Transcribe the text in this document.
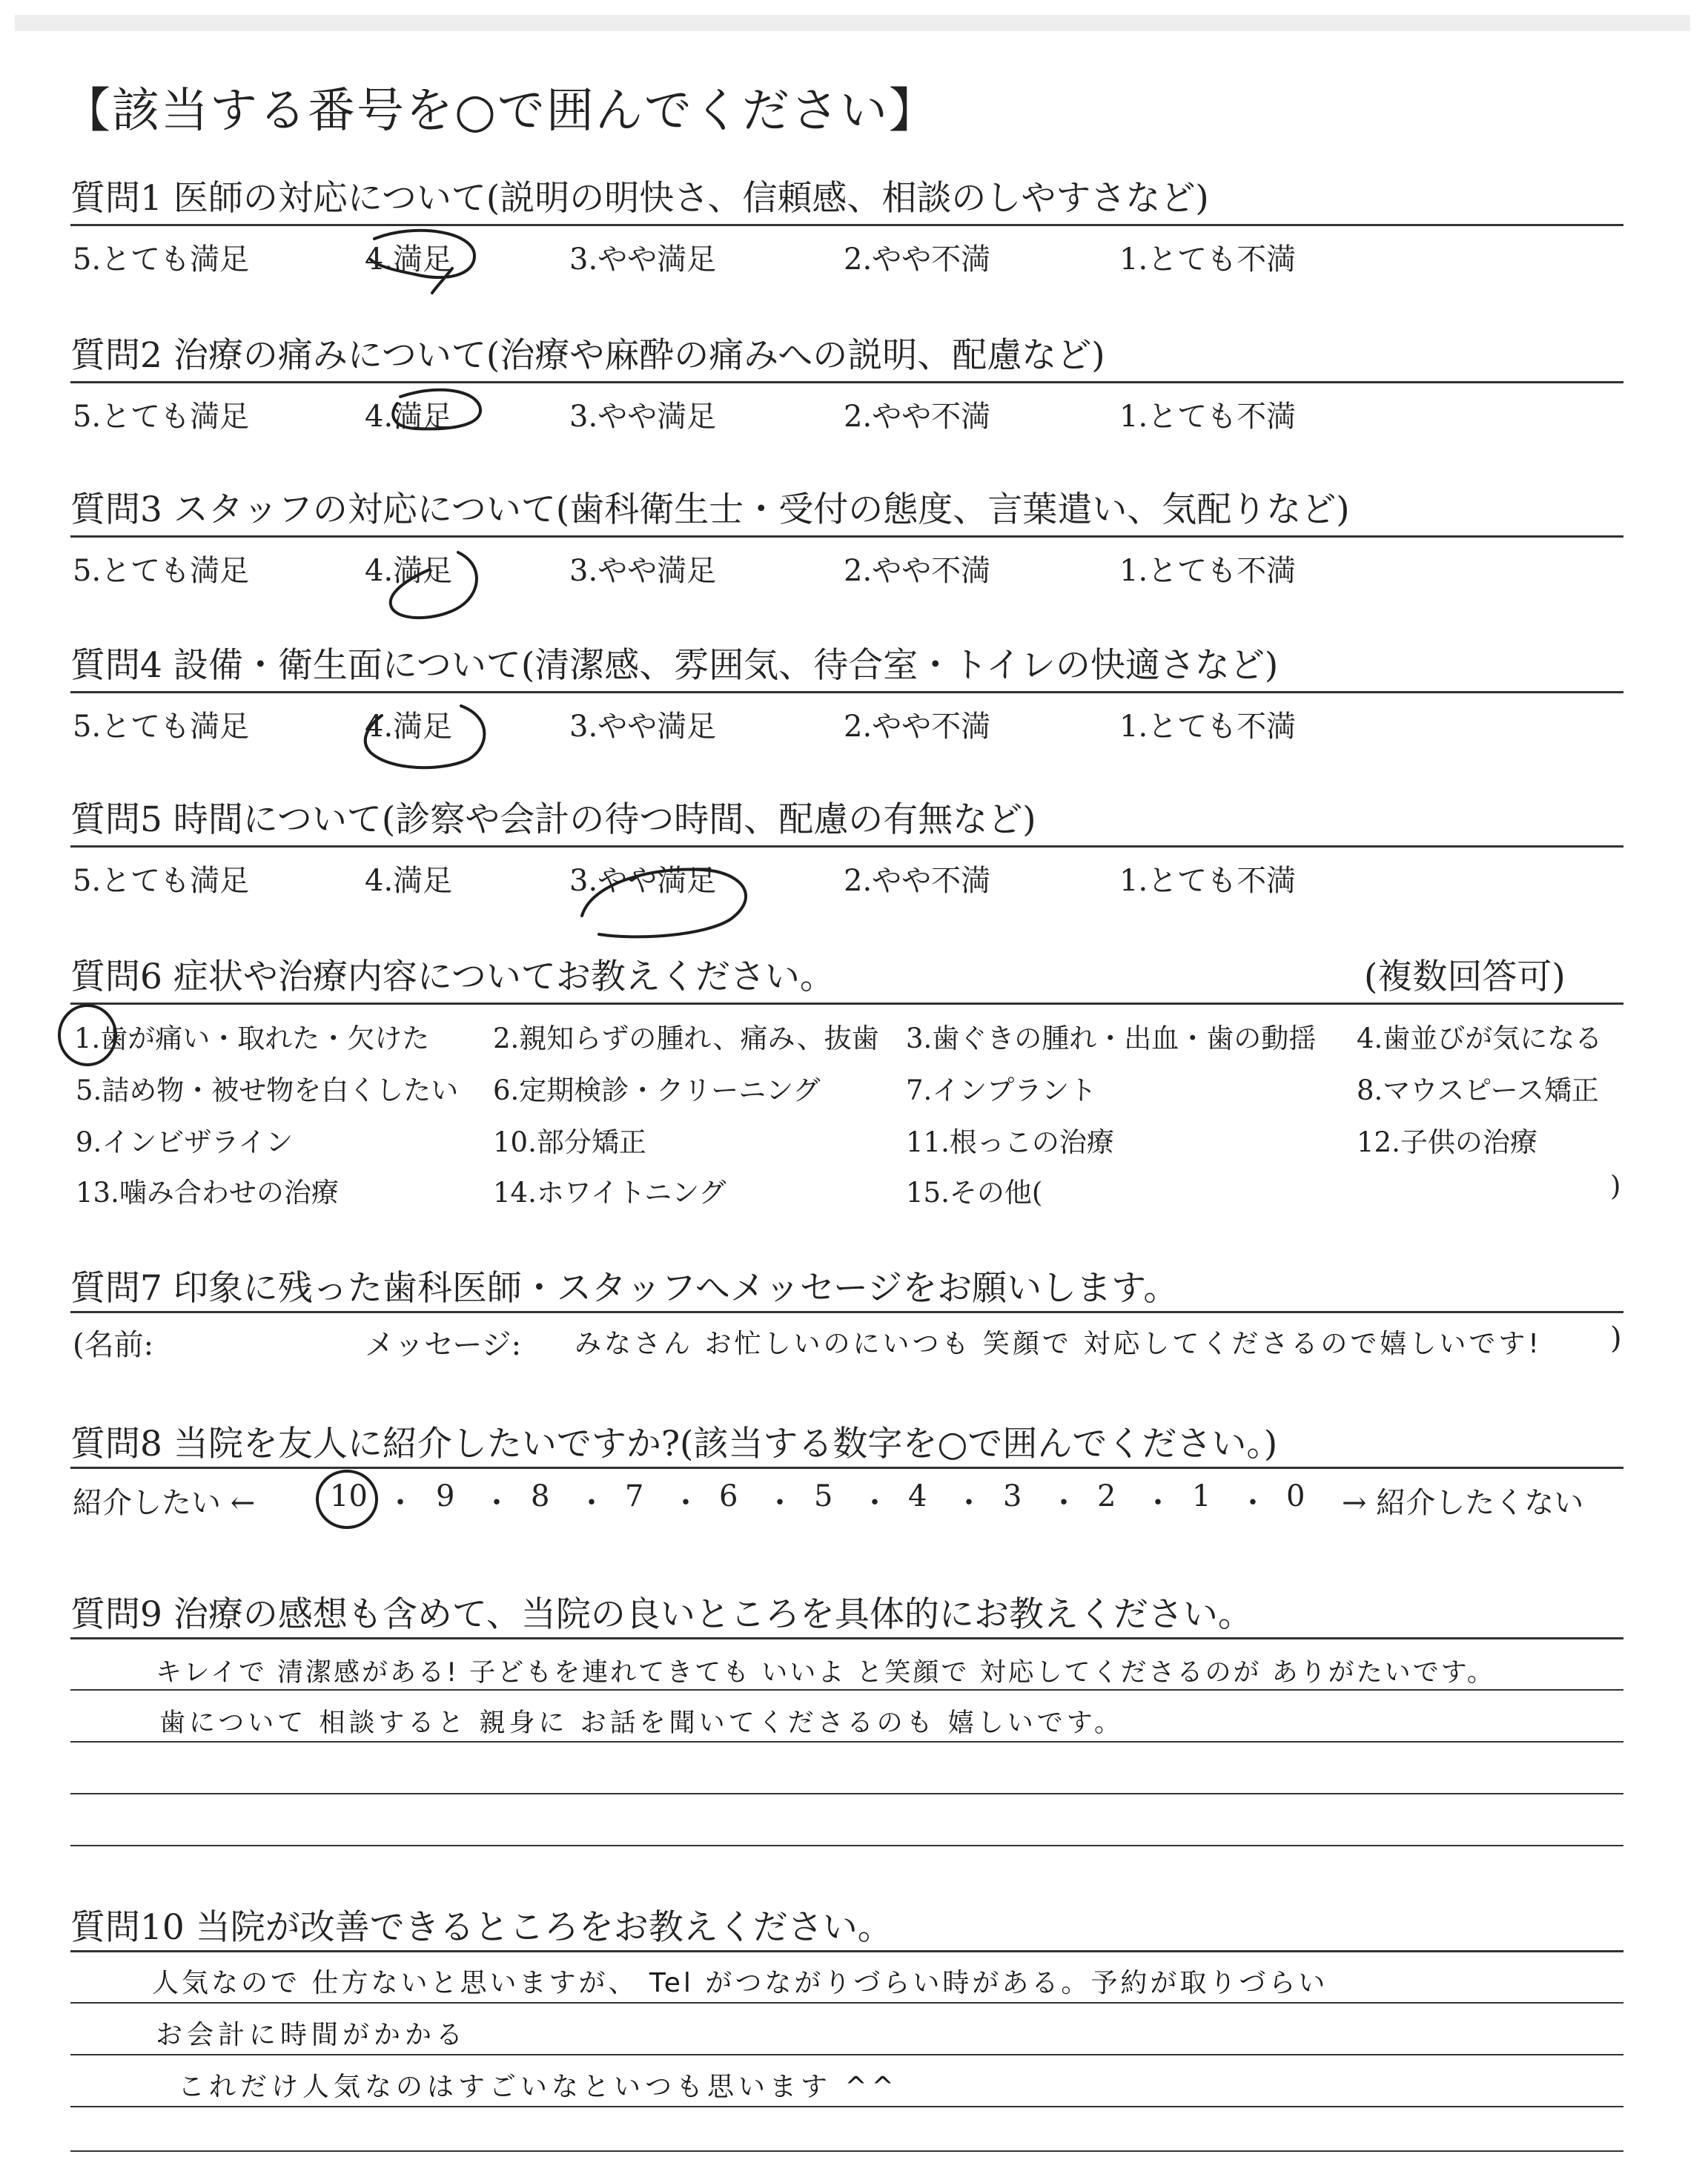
【該当する番号を○で囲んでください】
質問1 医師の対応について(説明の明快さ、信頼感、相談のしやすさなど)
5.とても満足	4.満足	3.やや満足	2.やや不満	1.とても不満
質問2 治療の痛みについて(治療や麻酔の痛みへの説明、配慮など)
5.とても満足	4.満足	3.やや満足	2.やや不満	1.とても不満
質問3 スタッフの対応について(歯科衛生士・受付の態度、言葉遣い、気配りなど)
5.とても満足	4.満足	3.やや満足	2.やや不満	1.とても不満
質問4 設備・衛生面について(清潔感、雰囲気、待合室・トイレの快適さなど)
5.とても満足	4.満足	3.やや満足	2.やや不満	1.とても不満
質問5 時間について(診察や会計の待つ時間、配慮の有無など)
5.とても満足	4.満足	3.やや満足	2.やや不満	1.とても不満
質問6 症状や治療内容についてお教えください。	(複数回答可)
1.歯が痛い・取れた・欠けた 2.親知らずの腫れ、痛み、抜歯 3.歯ぐきの腫れ・出血・歯の動揺 4.歯並びが気になる
5.詰め物・被せ物を白くしたい 6.定期検診・クリーニング	7.インプラント	8.マウスピース矯正
9.インビザライン	10.部分矯正	11.根っこの治療	12.子供の治療
13.噛み合わせの治療	14.ホワイトニング	15.その他(	)
質問7 印象に残った歯科医師・スタッフへメッセージをお願いします。
(名前:	メッセージ: みなさん お忙しいのにいつも 笑顔で 対応してくださるので嬉しいです! )
質問8 当院を友人に紹介したいですか?(該当する数字を○で囲んでください。)
紹介したい ←	10 ・ 9 ・ 8 ・ 7 ・ 6 ・ 5 ・ 4 ・ 3 ・ 2 ・ 1 ・ 0 → 紹介したくない
質問9 治療の感想も含めて、当院の良いところを具体的にお教えください。
キレイで 清潔感がある! 子どもを連れてきても いいよ と笑顔で 対応してくださるのが ありがたいです。
歯について 相談すると 親身に お話を聞いてくださるのも 嬉しいです。
質問10 当院が改善できるところをお教えください。
人気なので 仕方ないと思いますが、 Tel がつながりづらい時がある。予約が取りづらい
お会計に時間がかかる
これだけ人気なのはすごいなといつも思います ^^
